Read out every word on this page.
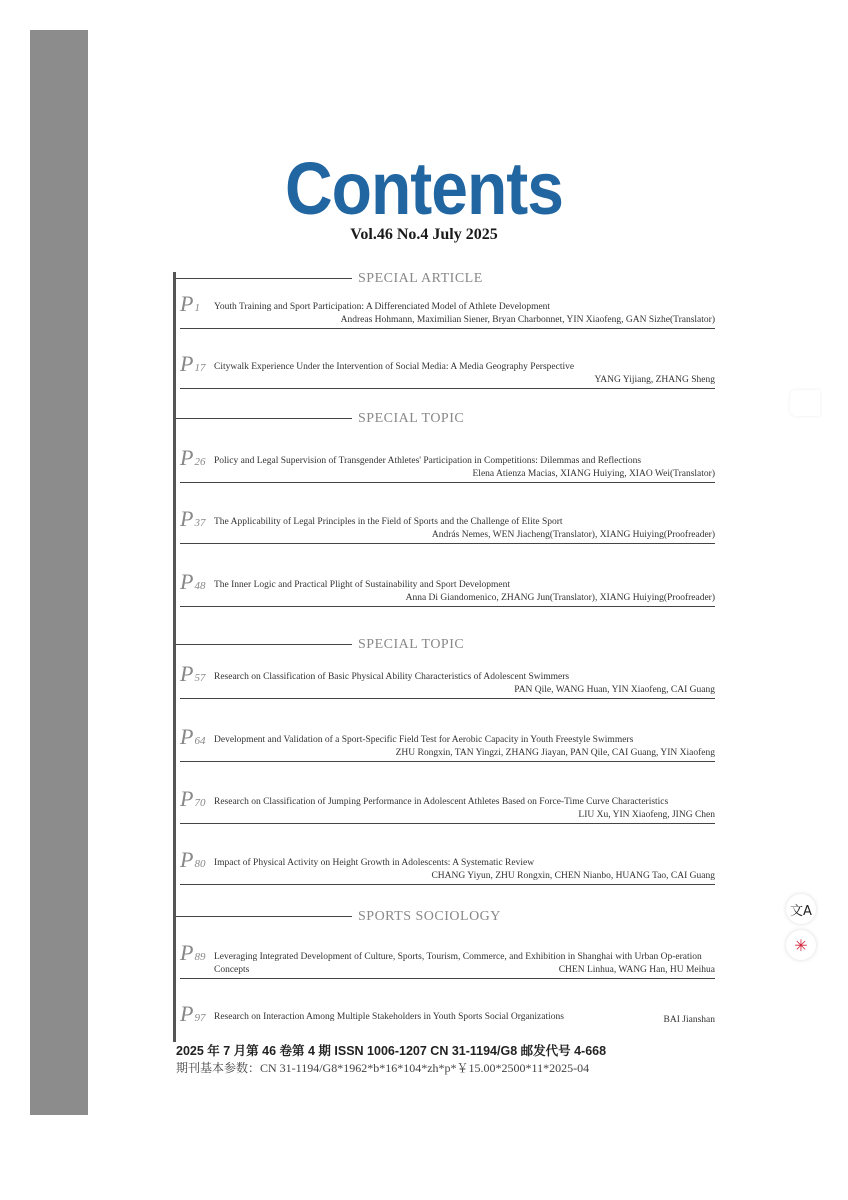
Contents
Vol.46 No.4 July 2025
SPECIAL ARTICLE
P1 Youth Training and Sport Participation: A Differenciated Model of Athlete Development
Andreas Hohmann, Maximilian Siener, Bryan Charbonnet, YIN Xiaofeng, GAN Sizhe(Translator)
P17 Citywalk Experience Under the Intervention of Social Media: A Media Geography Perspective
YANG Yijiang, ZHANG Sheng
SPECIAL TOPIC
P26 Policy and Legal Supervision of Transgender Athletes' Participation in Competitions: Dilemmas and Reflections
Elena Atienza Macias, XIANG Huiying, XIAO Wei(Translator)
P37 The Applicability of Legal Principles in the Field of Sports and the Challenge of Elite Sport
András Nemes, WEN Jiacheng(Translator), XIANG Huiying(Proofreader)
P48 The Inner Logic and Practical Plight of Sustainability and Sport Development
Anna Di Giandomenico, ZHANG Jun(Translator), XIANG Huiying(Proofreader)
SPECIAL TOPIC
P57 Research on Classification of Basic Physical Ability Characteristics of Adolescent Swimmers
PAN Qile, WANG Huan, YIN Xiaofeng, CAI Guang
P64 Development and Validation of a Sport-Specific Field Test for Aerobic Capacity in Youth Freestyle Swimmers
ZHU Rongxin, TAN Yingzi, ZHANG Jiayan, PAN Qile, CAI Guang, YIN Xiaofeng
P70 Research on Classification of Jumping Performance in Adolescent Athletes Based on Force-Time Curve Characteristics
LIU Xu, YIN Xiaofeng, JING Chen
P80 Impact of Physical Activity on Height Growth in Adolescents: A Systematic Review
CHANG Yiyun, ZHU Rongxin, CHEN Nianbo, HUANG Tao, CAI Guang
SPORTS SOCIOLOGY
P89 Leveraging Integrated Development of Culture, Sports, Tourism, Commerce, and Exhibition in Shanghai with Urban Op-eration Concepts	CHEN Linhua, WANG Han, HU Meihua
P97 Research on Interaction Among Multiple Stakeholders in Youth Sports Social Organizations	BAI Jianshan
2025 年 7 月第 46 卷第 4 期 ISSN 1006-1207 CN 31-1194/G8 邮发代号 4-668
期刊基本参数：CN 31-1194/G8*1962*b*16*104*zh*p*￥15.00*2500*11*2025-04
文A
✳
